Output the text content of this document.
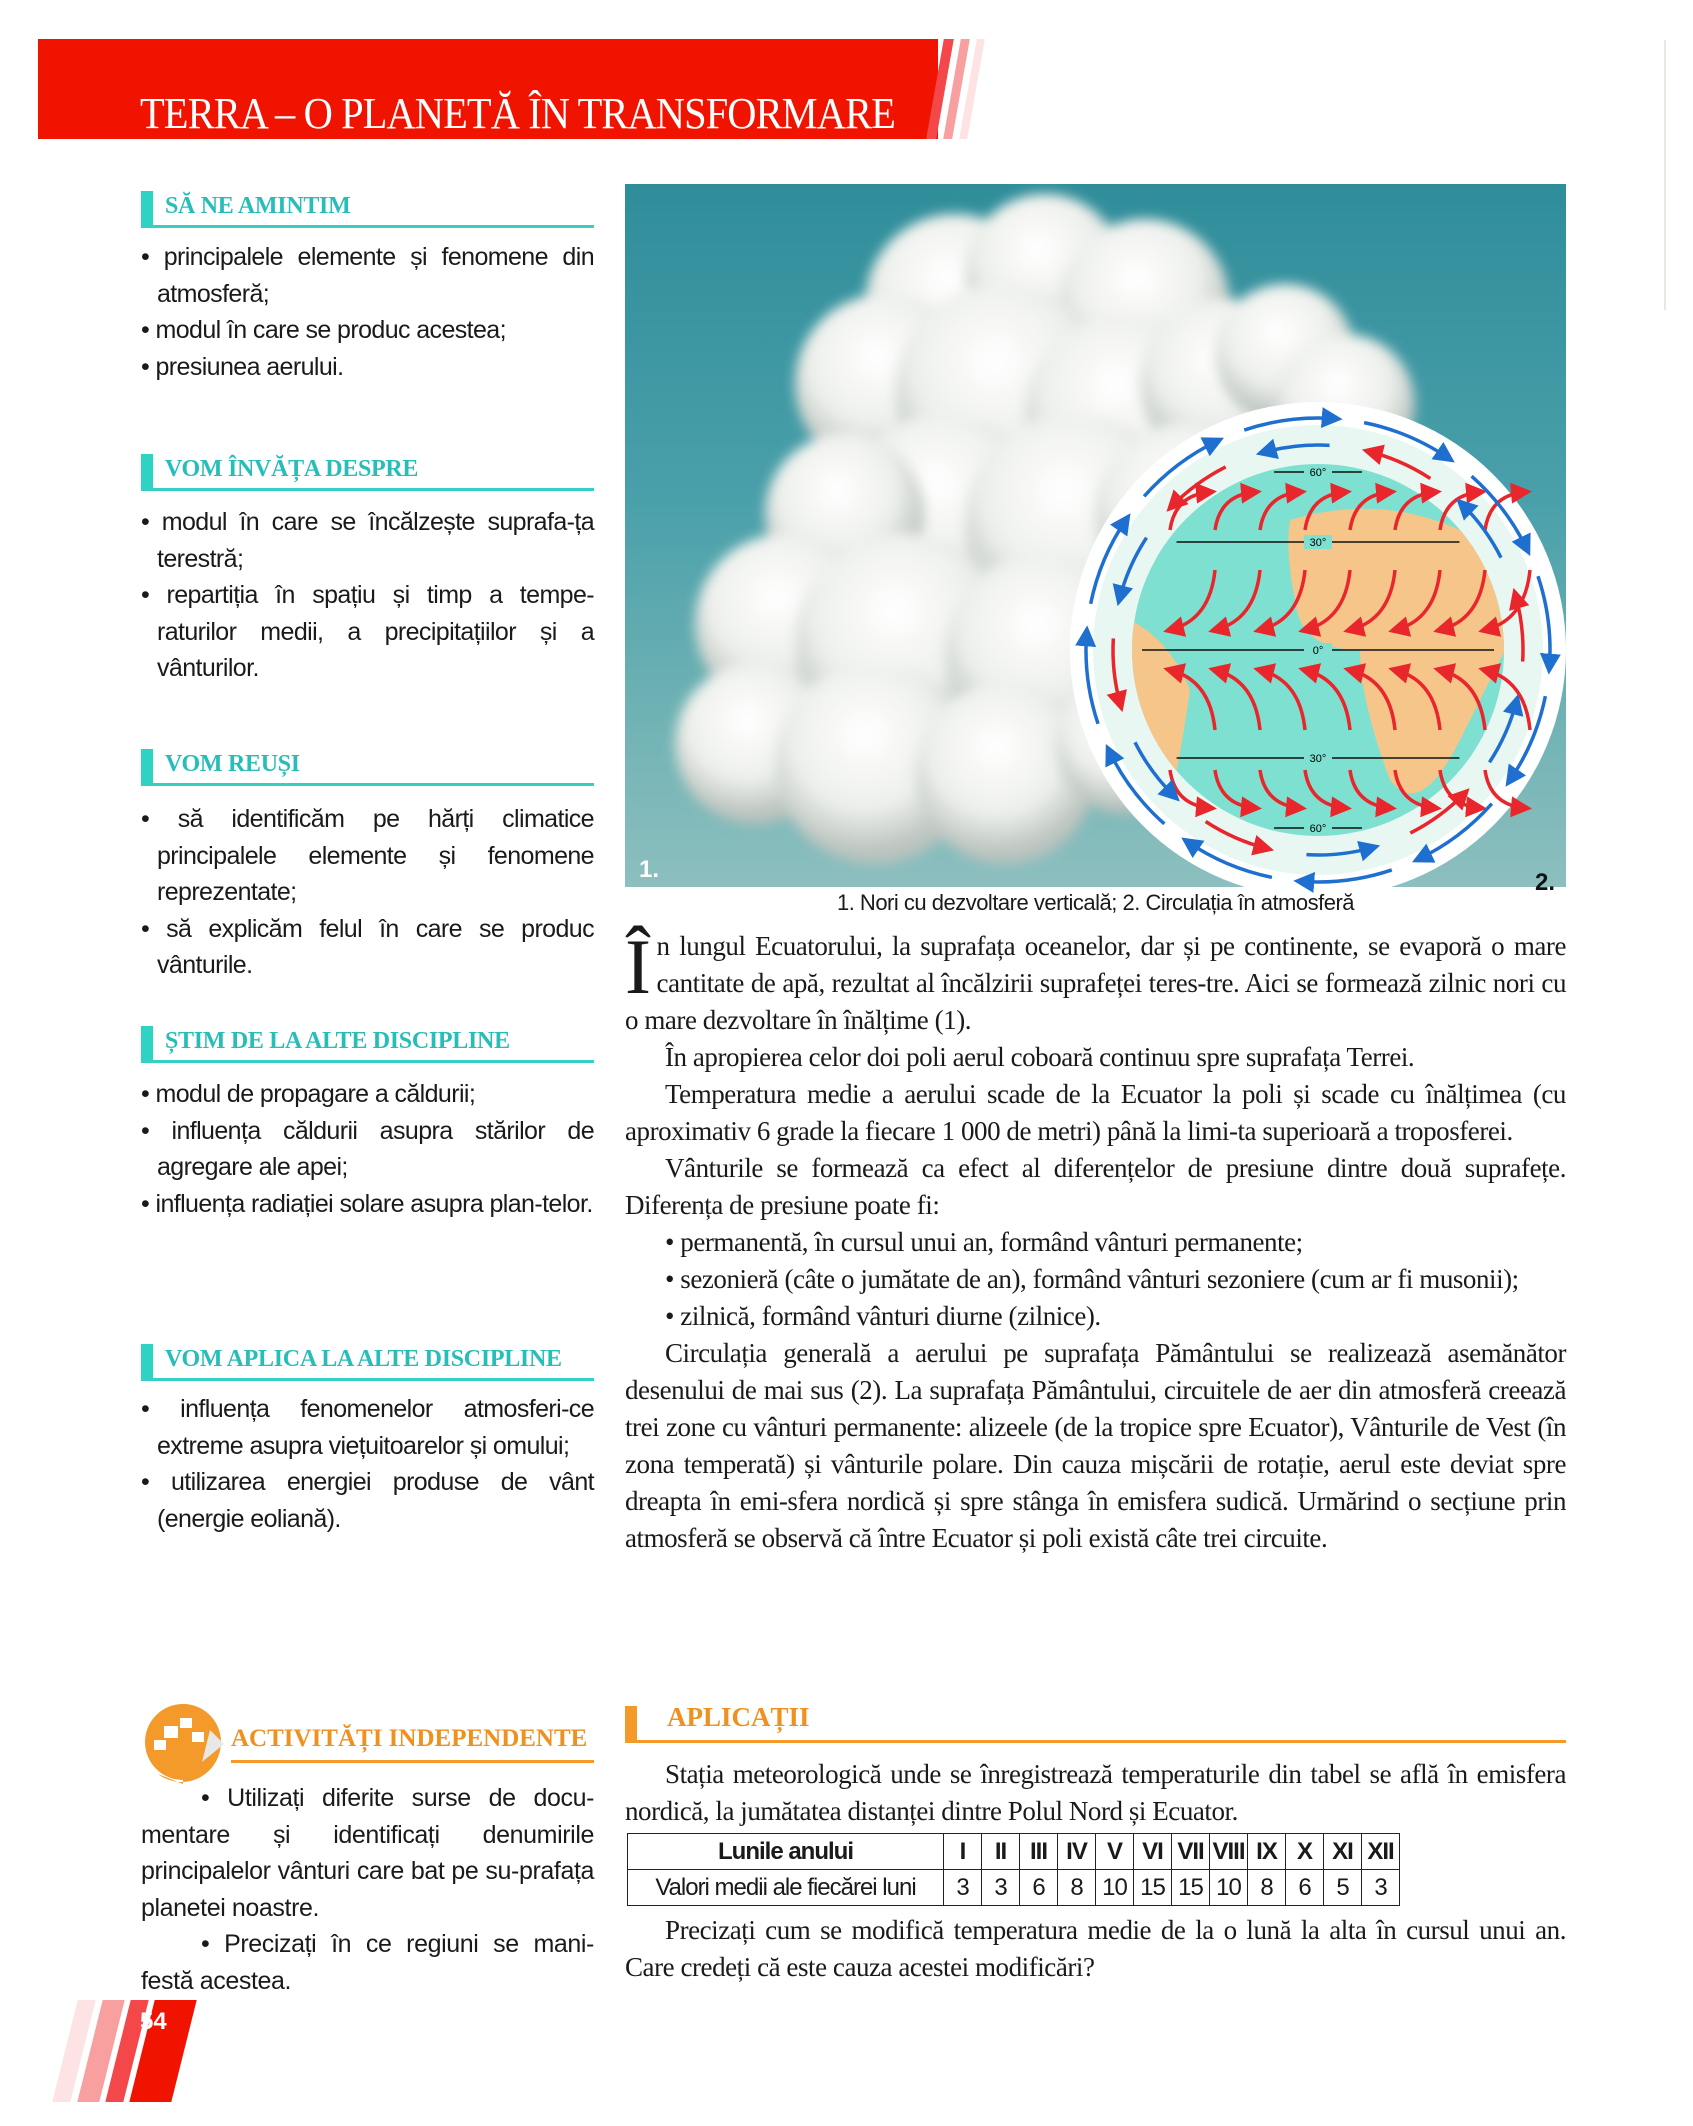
TERRA – O PLANETĂ ÎN TRANSFORMARE
SĂ NE AMINTIM
• principalele elemente și fenomene din atmosferă;
• modul în care se produc acestea;
• presiunea aerului.
VOM ÎNVĂȚA DESPRE
• modul în care se încălzește suprafa-ța terestră;
• repartiția în spațiu și timp a tempe-raturilor medii, a precipitațiilor și a vânturilor.
VOM REUȘI
• să identificăm pe hărți climatice principalele elemente și fenomene reprezentate;
• să explicăm felul în care se produc vânturile.
ȘTIM DE LA ALTE DISCIPLINE
• modul de propagare a căldurii;
• influența căldurii asupra stărilor de agregare ale apei;
• influența radiației solare asupra plan-telor.
VOM APLICA LA ALTE DISCIPLINE
• influența fenomenelor atmosferi-ce extreme asupra viețuitoarelor și omului;
• utilizarea energiei produse de vânt (energie eoliană).
ACTIVITĂȚI INDEPENDENTE

• Utilizați diferite surse de docu-mentare și identificați denumirile principalelor vânturi care bat pe su-prafața planetei noastre.

• Precizați în ce regiuni se mani-festă acestea.

54
1.
60°
30°
0°
30°
60°
2.
1. Nori cu dezvoltare verticală; 2. Circulația în atmosferă

În lungul Ecuatorului, la suprafața oceanelor, dar și pe continente, se evaporă o mare cantitate de apă, rezultat al încălzirii suprafeței teres-tre. Aici se formează zilnic nori cu o mare dezvoltare în înălțime (1).

În apropierea celor doi poli aerul coboară continuu spre suprafața Terrei.

Temperatura medie a aerului scade de la Ecuator la poli și scade cu înălțimea (cu aproximativ 6 grade la fiecare 1 000 de metri) până la limi-ta superioară a troposferei.

Vânturile se formează ca efect al diferențelor de presiune dintre două suprafețe. Diferența de presiune poate fi:

• permanentă, în cursul unui an, formând vânturi permanente;

• sezonieră (câte o jumătate de an), formând vânturi sezoniere (cum ar fi musonii);

• zilnică, formând vânturi diurne (zilnice).

Circulația generală a aerului pe suprafața Pământului se realizează asemănător desenului de mai sus (2). La suprafața Pământului, circuitele de aer din atmosferă creează trei zone cu vânturi permanente: alizeele (de la tropice spre Ecuator), Vânturile de Vest (în zona temperată) și vânturile polare. Din cauza mișcării de rotație, aerul este deviat spre dreapta în emi-sfera nordică și spre stânga în emisfera sudică. Urmărind o secțiune prin atmosferă se observă că între Ecuator și poli există câte trei circuite.

APLICAȚII

Stația meteorologică unde se înregistrează temperaturile din tabel se află în emisfera nordică, la jumătatea distanței dintre Polul Nord și Ecuator.

Lunile anului	I	II	III	IV	V	VI	VII	VIII	IX	X	XI	XII
Valori medii ale fiecărei luni	3	3	6	8	10	15	15	10	8	6	5	3

Precizați cum se modifică temperatura medie de la o lună la alta în cursul unui an. Care credeți că este cauza acestei modificări?
